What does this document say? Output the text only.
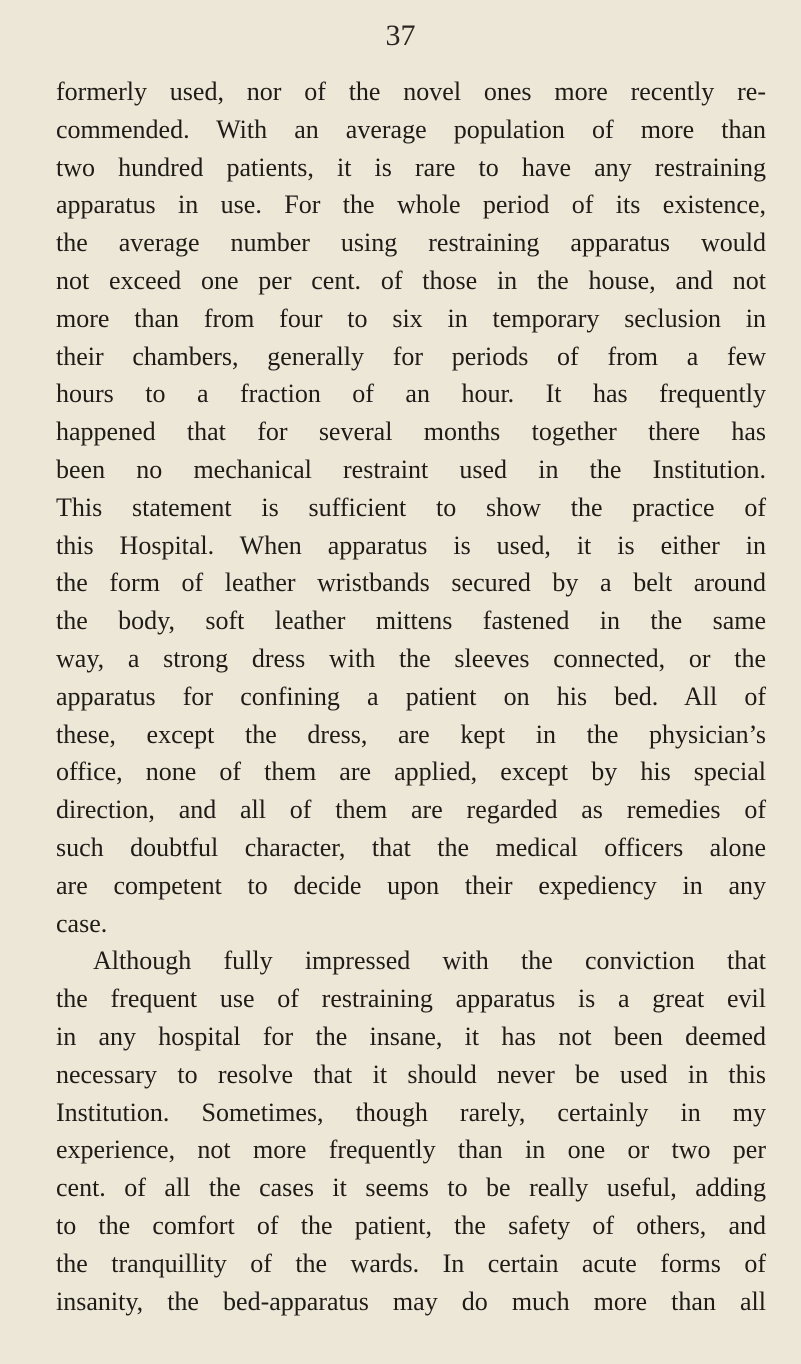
37
formerly used, nor of the novel ones more recently re-
commended. With an average population of more than
two hundred patients, it is rare to have any restraining
apparatus in use. For the whole period of its existence,
the average number using restraining apparatus would
not exceed one per cent. of those in the house, and not
more than from four to six in temporary seclusion in
their chambers, generally for periods of from a few
hours to a fraction of an hour. It has frequently
happened that for several months together there has
been no mechanical restraint used in the Institution.
This statement is sufficient to show the practice of
this Hospital. When apparatus is used, it is either in
the form of leather wristbands secured by a belt around
the body, soft leather mittens fastened in the same
way, a strong dress with the sleeves connected, or the
apparatus for confining a patient on his bed. All of
these, except the dress, are kept in the physician’s
office, none of them are applied, except by his special
direction, and all of them are regarded as remedies of
such doubtful character, that the medical officers alone
are competent to decide upon their expediency in any
case.
Although fully impressed with the conviction that
the frequent use of restraining apparatus is a great evil
in any hospital for the insane, it has not been deemed
necessary to resolve that it should never be used in this
Institution. Sometimes, though rarely, certainly in my
experience, not more frequently than in one or two per
cent. of all the cases it seems to be really useful, adding
to the comfort of the patient, the safety of others, and
the tranquillity of the wards. In certain acute forms of
insanity, the bed-apparatus may do much more than all
